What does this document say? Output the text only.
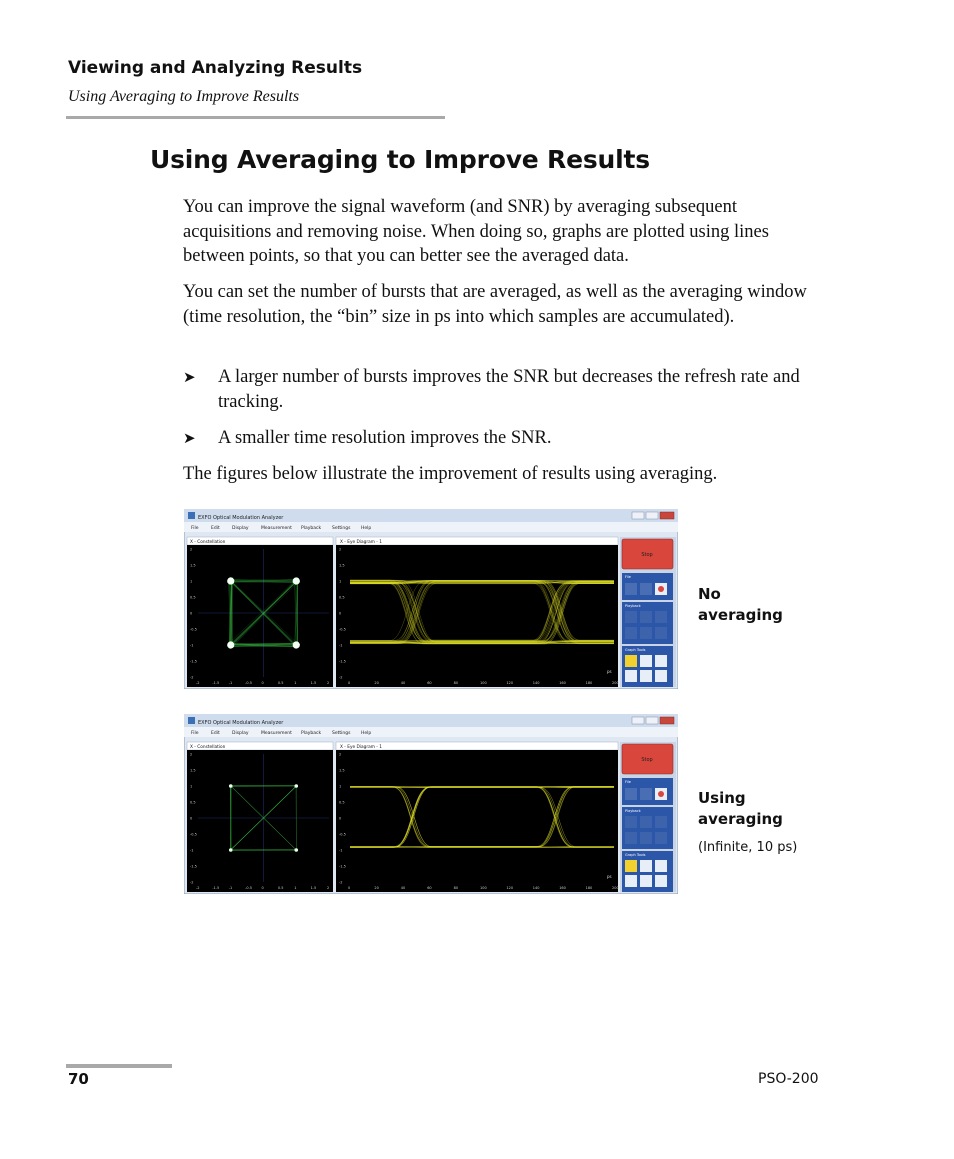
Viewing and Analyzing Results
Using Averaging to Improve Results
Using Averaging to Improve Results

You can improve the signal waveform (and SNR) by averaging subsequent acquisitions and removing noise. When doing so, graphs are plotted using lines between points, so that you can better see the averaged data.

You can set the number of bursts that are averaged, as well as the averaging window (time resolution, the “bin” size in ps into which samples are accumulated).

➤ A larger number of bursts improves the SNR but decreases the refresh rate and tracking.
➤ A smaller time resolution improves the SNR.

The figures below illustrate the improvement of results using averaging.

EXFO Optical Modulation Analyzer
File	Edit	Display	Measurement Playback Settings Help
X - Constellation	X - Eye Diagram - 1
Stop
File
Playback
Graph Tools
2
1.5
1
0.5
0
-0.5
-1
-1.5
-2
-2	-1.5	-1	-0.5	0	0.5	1	1.5	2
2
1.5
1
0.5
0
-0.5
-1
-1.5
-2
0	20	40	60	80	100	120	140	160	180	200
ps
No
averaging
EXFO Optical Modulation Analyzer
File	Edit	Display	Measurement Playback Settings Help
X - Constellation	X - Eye Diagram - 1
Stop
File
Playback
Graph Tools
2
1.5
1
0.5
0
-0.5
-1
-1.5
-2
-2	-1.5	-1	-0.5	0	0.5	1	1.5	2
2
1.5
1
0.5
0
-0.5
-1
-1.5
-2
0	20	40	60	80	100	120	140	160	180	200
ps
Using
averaging
(Infinite, 10 ps)
70	PSO-200
